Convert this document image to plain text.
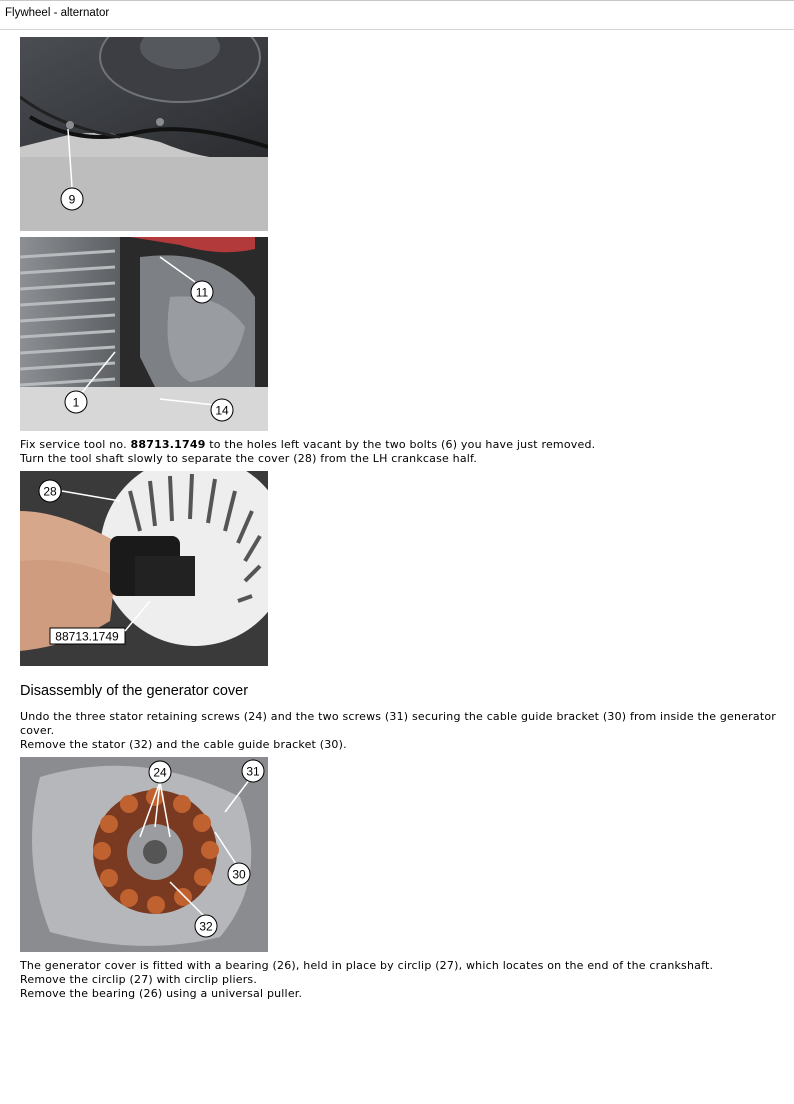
Flywheel - alternator
9
11
1
14

Fix service tool no. 88713.1749 to the holes left vacant by the two bolts (6) you have just removed.

Turn the tool shaft slowly to separate the cover (28) from the LH crankcase half.

88713.1749
28
Disassembly of the generator cover

Undo the three stator retaining screws (24) and the two screws (31) securing the cable guide bracket (30) from inside the generator cover.

Remove the stator (32) and the cable guide bracket (30).

24	31
30
32

The generator cover is fitted with a bearing (26), held in place by circlip (27), which locates on the end of the crankshaft.

Remove the circlip (27) with circlip pliers.

Remove the bearing (26) using a universal puller.
